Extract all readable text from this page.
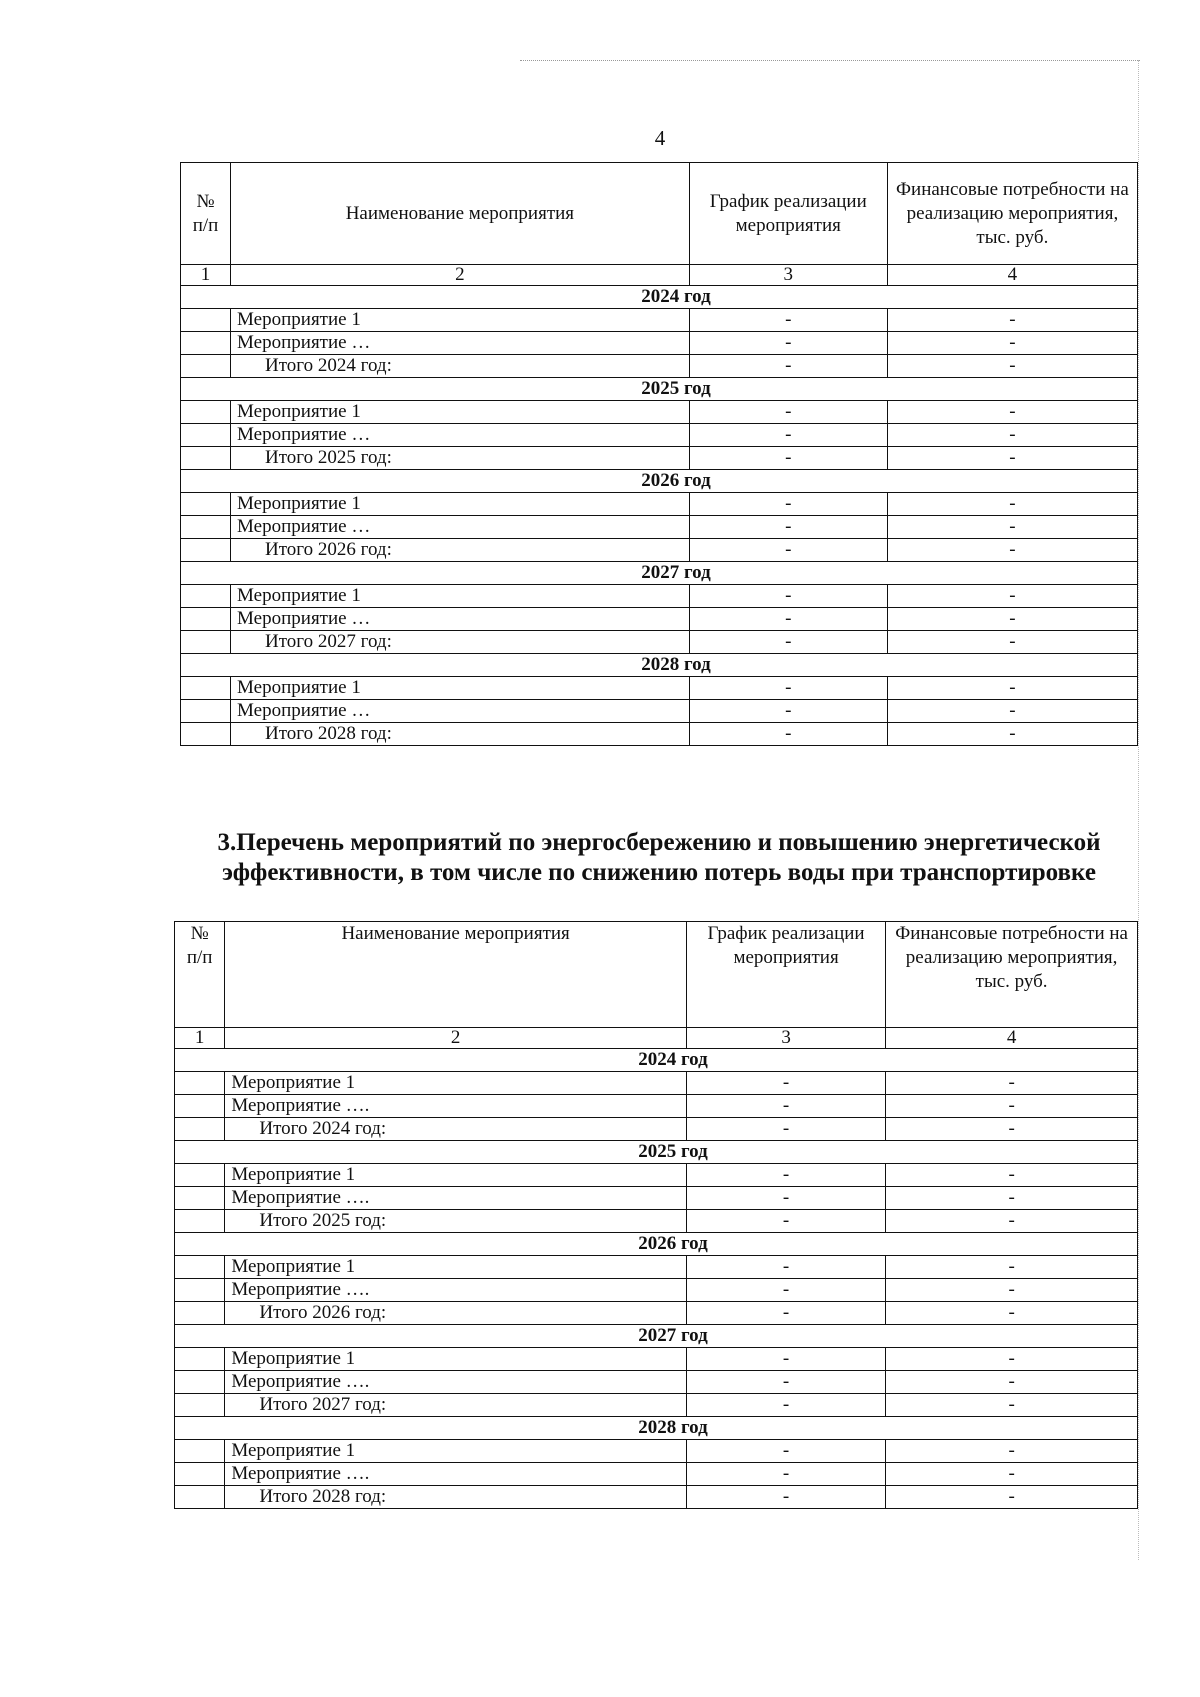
4
№ п/п	Наименование мероприятия	График реализации мероприятия	Финансовые потребности на реализацию мероприятия, тыс. руб.
1	2	3	4
2024 год			
	Мероприятие 1	-	-
	Мероприятие …	-	-
	Итого 2024 год:	-	-
2025 год			
	Мероприятие 1	-	-
	Мероприятие …	-	-
	Итого 2025 год:	-	-
2026 год			
	Мероприятие 1	-	-
	Мероприятие …	-	-
	Итого 2026 год:	-	-
2027 год			
	Мероприятие 1	-	-
	Мероприятие …	-	-
	Итого 2027 год:	-	-
2028 год			
	Мероприятие 1	-	-
	Мероприятие …	-	-
	Итого 2028 год:	-	-
3.Перечень мероприятий по энергосбережению и повышению энергетической эффективности, в том числе по снижению потерь воды при транспортировке
№ п/п	Наименование мероприятия	График реализации мероприятия	Финансовые потребности на реализацию мероприятия, тыс. руб.
1	2	3	4
2024 год			
	Мероприятие 1	-	-
	Мероприятие ….	-	-
	Итого 2024 год:	-	-
2025 год			
	Мероприятие 1	-	-
	Мероприятие ….	-	-
	Итого 2025 год:	-	-
2026 год			
	Мероприятие 1	-	-
	Мероприятие ….	-	-
	Итого 2026 год:	-	-
2027 год			
	Мероприятие 1	-	-
	Мероприятие ….	-	-
	Итого 2027 год:	-	-
2028 год			
	Мероприятие 1	-	-
	Мероприятие ….	-	-
	Итого 2028 год:	-	-
